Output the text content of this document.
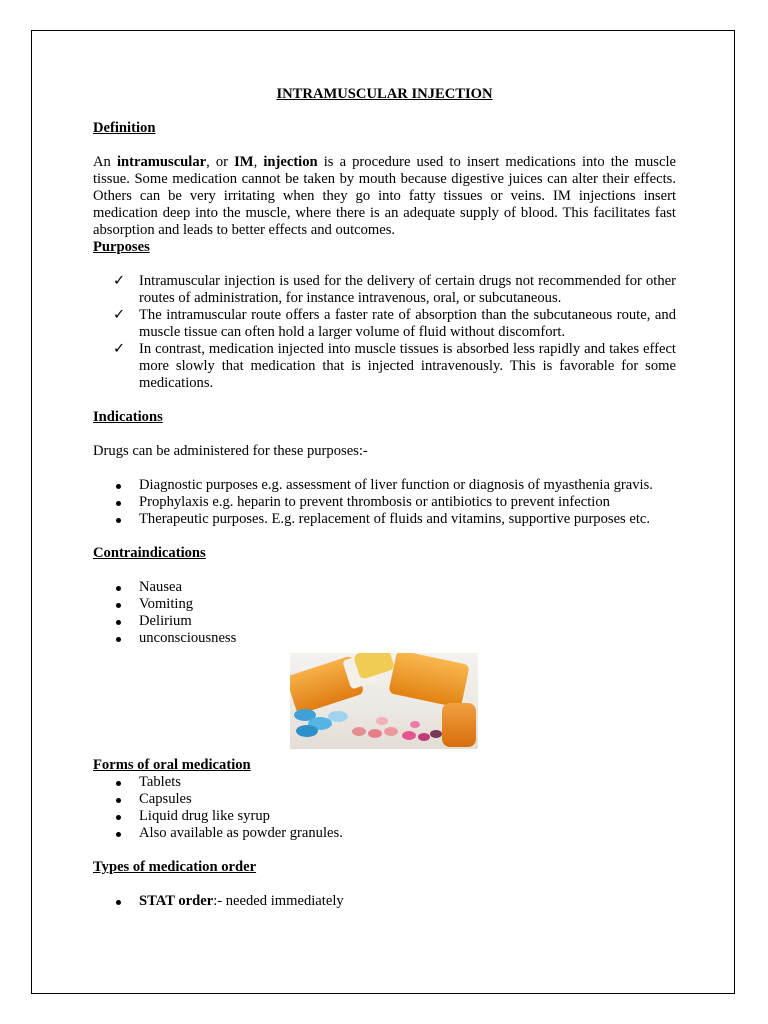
INTRAMUSCULAR INJECTION

Definition

An intramuscular, or IM, injection is a procedure used to insert medications into the muscle tissue. Some medication cannot be taken by mouth because digestive juices can alter their effects. Others can be very irritating when they go into fatty tissues or veins. IM injections insert medication deep into the muscle, where there is an adequate supply of blood. This facilitates fast absorption and leads to better effects and outcomes.

Purposes

✓ Intramuscular injection is used for the delivery of certain drugs not recommended for other routes of administration, for instance intravenous, oral, or subcutaneous.
✓ The intramuscular route offers a faster rate of absorption than the subcutaneous route, and muscle tissue can often hold a larger volume of fluid without discomfort.
✓ In contrast, medication injected into muscle tissues is absorbed less rapidly and takes effect more slowly that medication that is injected intravenously. This is favorable for some medications.

Indications

Drugs can be administered for these purposes:-

Diagnostic purposes e.g. assessment of liver function or diagnosis of myasthenia gravis.
Prophylaxis e.g. heparin to prevent thrombosis or antibiotics to prevent infection
Therapeutic purposes. E.g. replacement of fluids and vitamins, supportive purposes etc.

Contraindications

Nausea
Vomiting
Delirium
unconsciousness

Forms of oral medication

Tablets
Capsules
Liquid drug like syrup
Also available as powder granules.

Types of medication order

STAT order:- needed immediately
